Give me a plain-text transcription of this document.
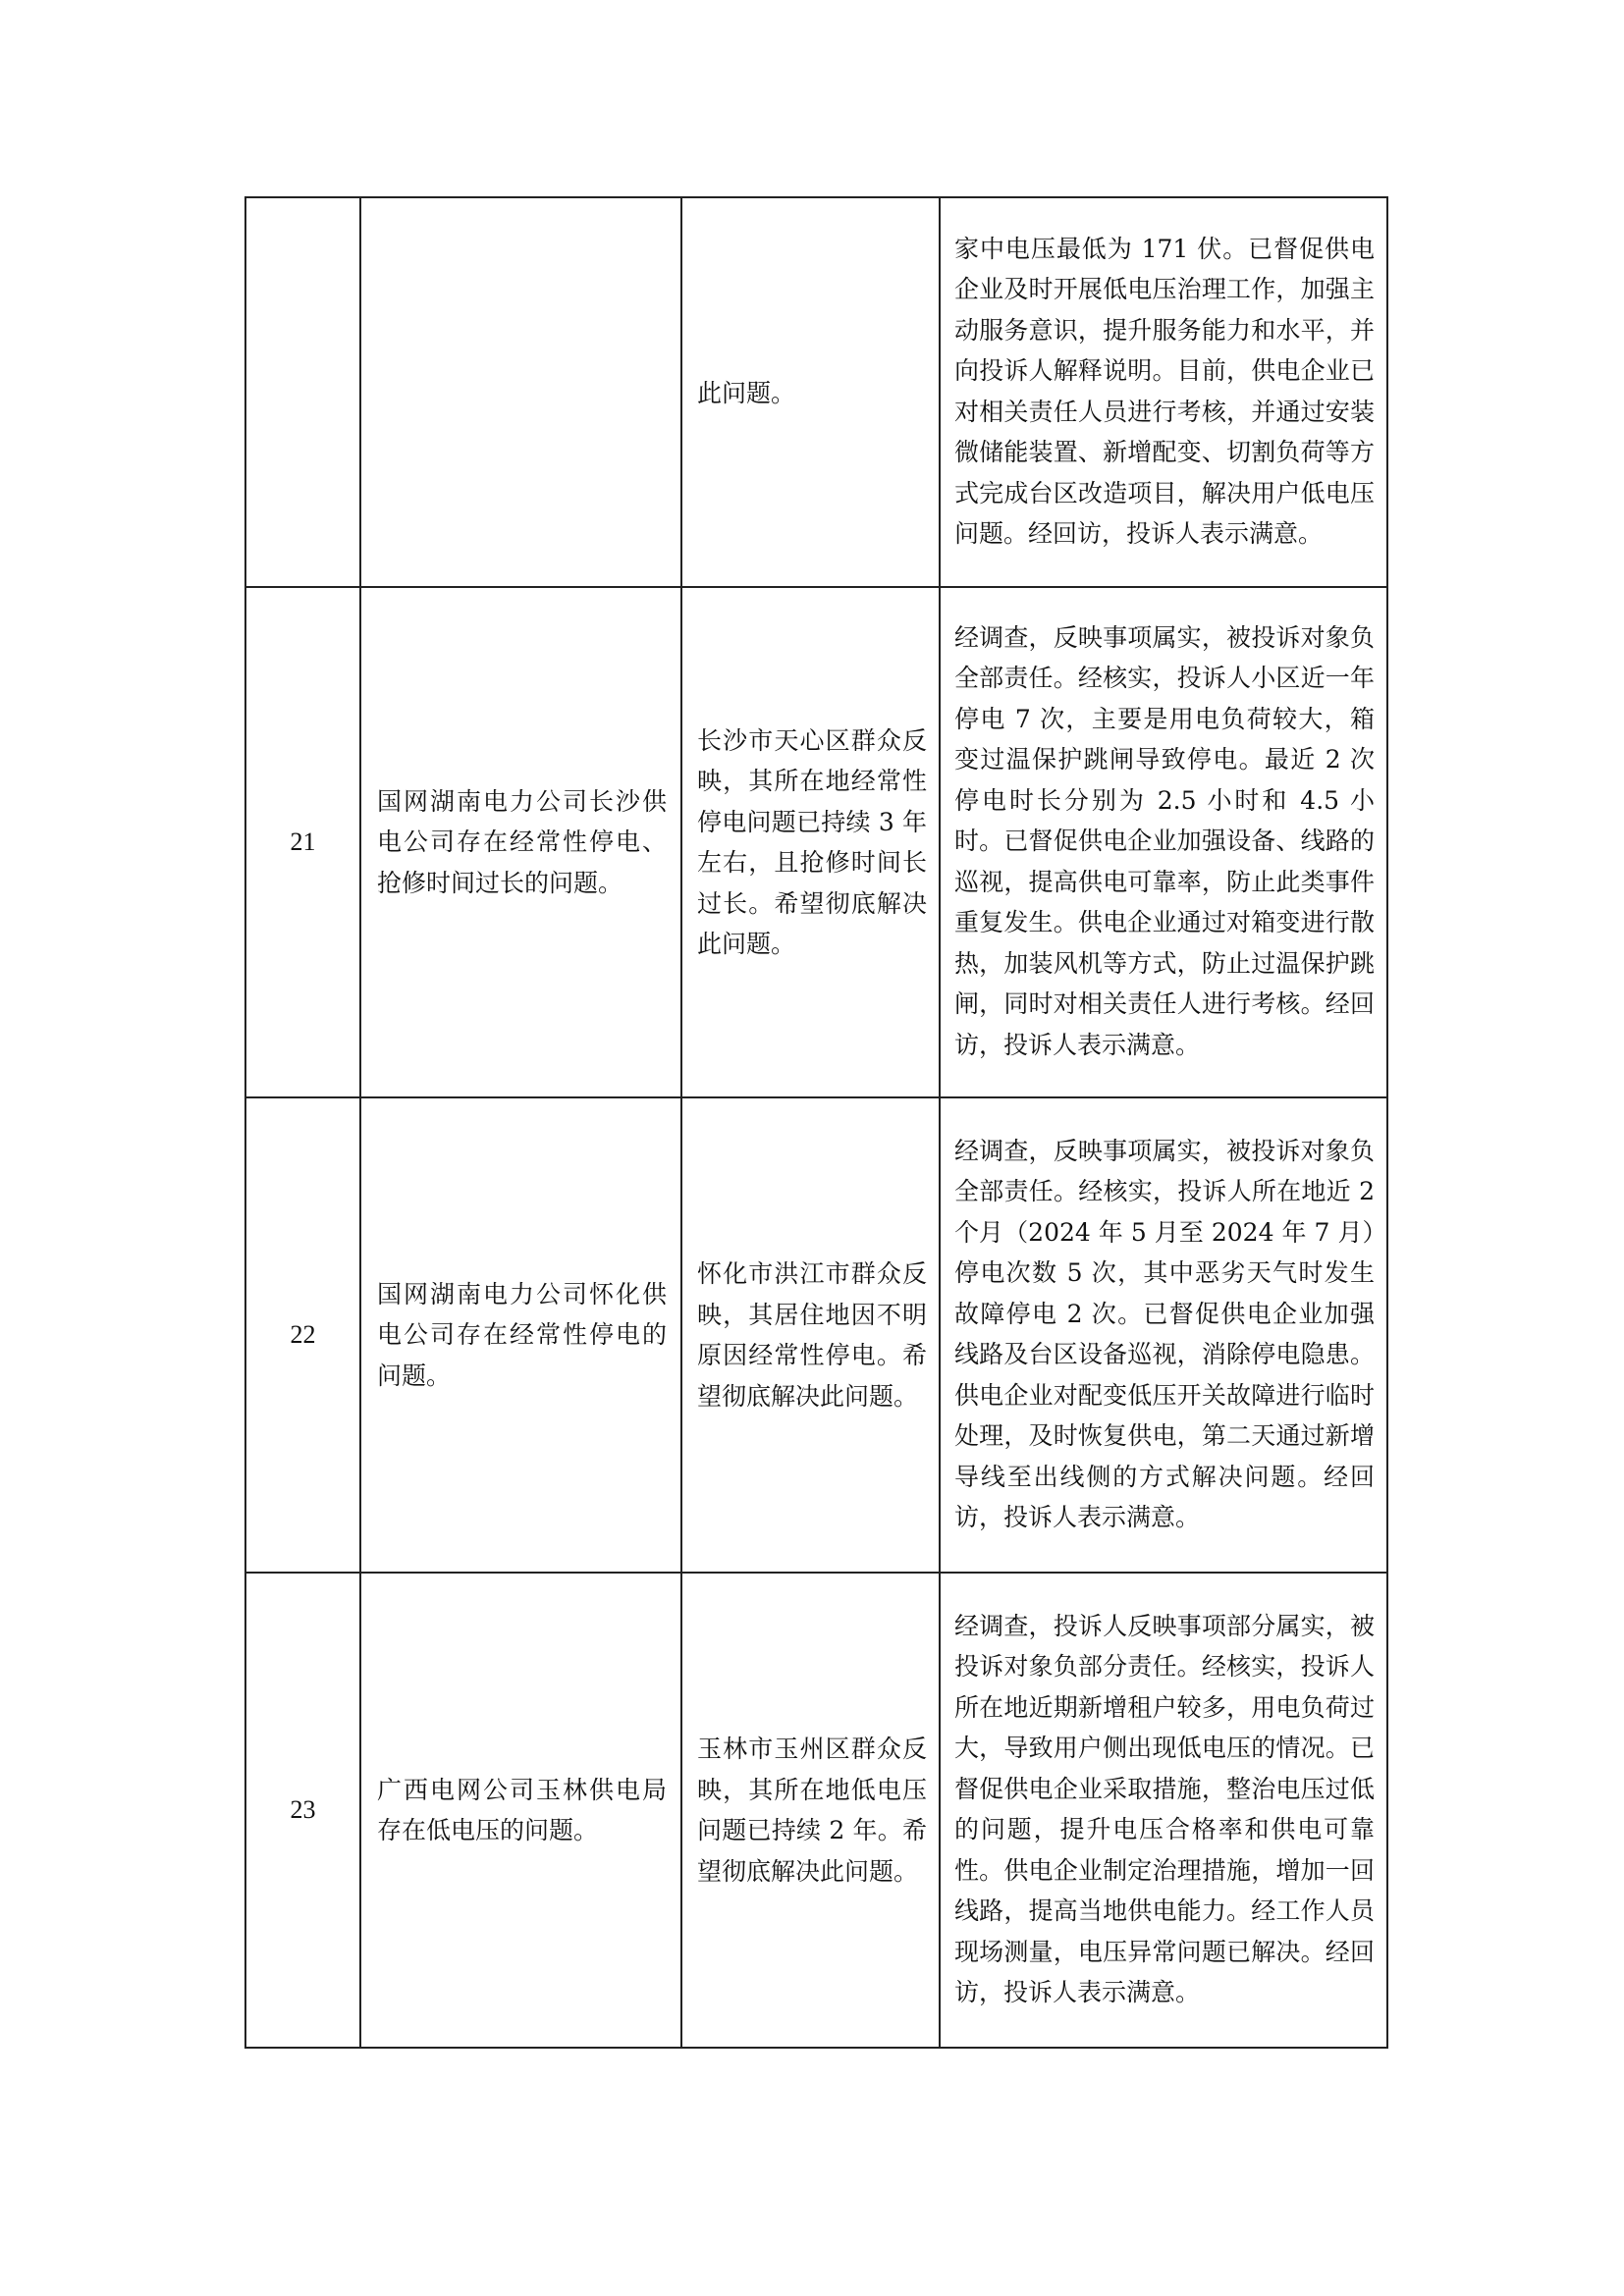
		此问题。	家中电压最低为 171 伏。已督促供电企业及时开展低电压治理工作，加强主动服务意识，提升服务能力和水平，并向投诉人解释说明。目前，供电企业已对相关责任人员进行考核，并通过安装微储能装置、新增配变、切割负荷等方式完成台区改造项目，解决用户低电压问题。经回访，投诉人表示满意。

21	国网湖南电力公司长沙供电公司存在经常性停电、抢修时间过长的问题。	长沙市天心区群众反映，其所在地经常性停电问题已持续 3 年左右，且抢修时间长过长。希望彻底解决此问题。	经调查，反映事项属实，被投诉对象负全部责任。经核实，投诉人小区近一年停电 7 次，主要是用电负荷较大，箱变过温保护跳闸导致停电。最近 2 次停电时长分别为 2.5 小时和 4.5 小时。已督促供电企业加强设备、线路的巡视，提高供电可靠率，防止此类事件重复发生。供电企业通过对箱变进行散热，加装风机等方式，防止过温保护跳闸，同时对相关责任人进行考核。经回访，投诉人表示满意。

22	国网湖南电力公司怀化供电公司存在经常性停电的问题。	怀化市洪江市群众反映，其居住地因不明原因经常性停电。希望彻底解决此问题。	经调查，反映事项属实，被投诉对象负全部责任。经核实，投诉人所在地近 2 个月（2024 年 5 月至 2024 年 7 月）停电次数 5 次，其中恶劣天气时发生故障停电 2 次。已督促供电企业加强线路及台区设备巡视，消除停电隐患。供电企业对配变低压开关故障进行临时处理，及时恢复供电，第二天通过新增导线至出线侧的方式解决问题。经回访，投诉人表示满意。

23	广西电网公司玉林供电局存在低电压的问题。	玉林市玉州区群众反映，其所在地低电压问题已持续 2 年。希望彻底解决此问题。	经调查，投诉人反映事项部分属实，被投诉对象负部分责任。经核实，投诉人所在地近期新增租户较多，用电负荷过大，导致用户侧出现低电压的情况。已督促供电企业采取措施，整治电压过低的问题，提升电压合格率和供电可靠性。供电企业制定治理措施，增加一回线路，提高当地供电能力。经工作人员现场测量，电压异常问题已解决。经回访，投诉人表示满意。
